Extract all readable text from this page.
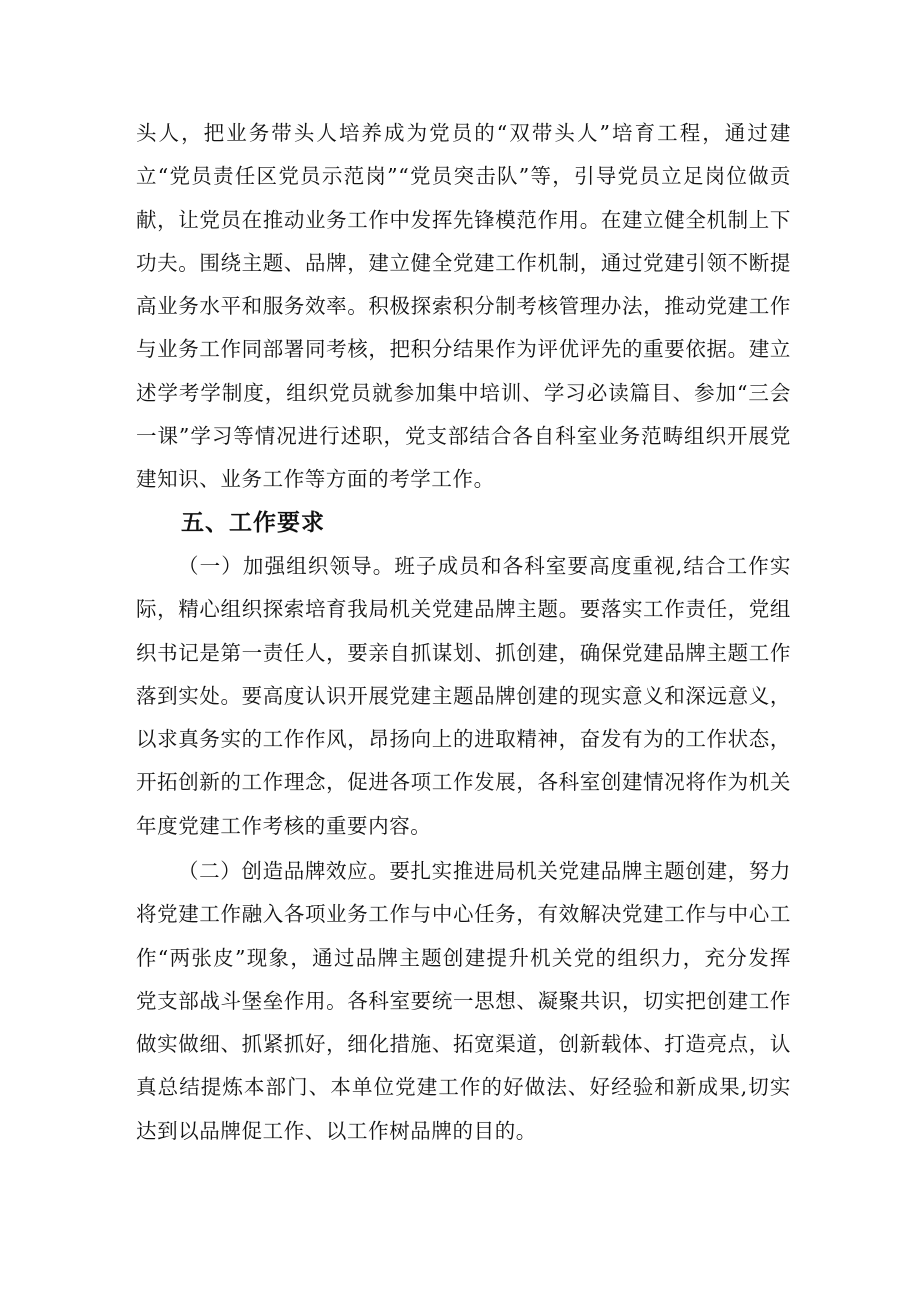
头人，把业务带头人培养成为党员的“双带头人”培育工程，通过建立“党员责任区党员示范岗”“党员突击队”等，引导党员立足岗位做贡献，让党员在推动业务工作中发挥先锋模范作用。在建立健全机制上下功夫。围绕主题、品牌，建立健全党建工作机制，通过党建引领不断提高业务水平和服务效率。积极探索积分制考核管理办法，推动党建工作与业务工作同部署同考核，把积分结果作为评优评先的重要依据。建立述学考学制度，组织党员就参加集中培训、学习必读篇目、参加“三会一课”学习等情况进行述职，党支部结合各自科室业务范畴组织开展党建知识、业务工作等方面的考学工作。

五、工作要求

（一）加强组织领导。班子成员和各科室要高度重视,结合工作实际，精心组织探索培育我局机关党建品牌主题。要落实工作责任，党组织书记是第一责任人，要亲自抓谋划、抓创建，确保党建品牌主题工作落到实处。要高度认识开展党建主题品牌创建的现实意义和深远意义，以求真务实的工作作风，昂扬向上的进取精神，奋发有为的工作状态，开拓创新的工作理念，促进各项工作发展，各科室创建情况将作为机关年度党建工作考核的重要内容。

（二）创造品牌效应。要扎实推进局机关党建品牌主题创建，努力将党建工作融入各项业务工作与中心任务，有效解决党建工作与中心工作“两张皮”现象，通过品牌主题创建提升机关党的组织力，充分发挥党支部战斗堡垒作用。各科室要统一思想、凝聚共识，切实把创建工作做实做细、抓紧抓好，细化措施、拓宽渠道，创新载体、打造亮点，认真总结提炼本部门、本单位党建工作的好做法、好经验和新成果,切实达到以品牌促工作、以工作树品牌的目的。
